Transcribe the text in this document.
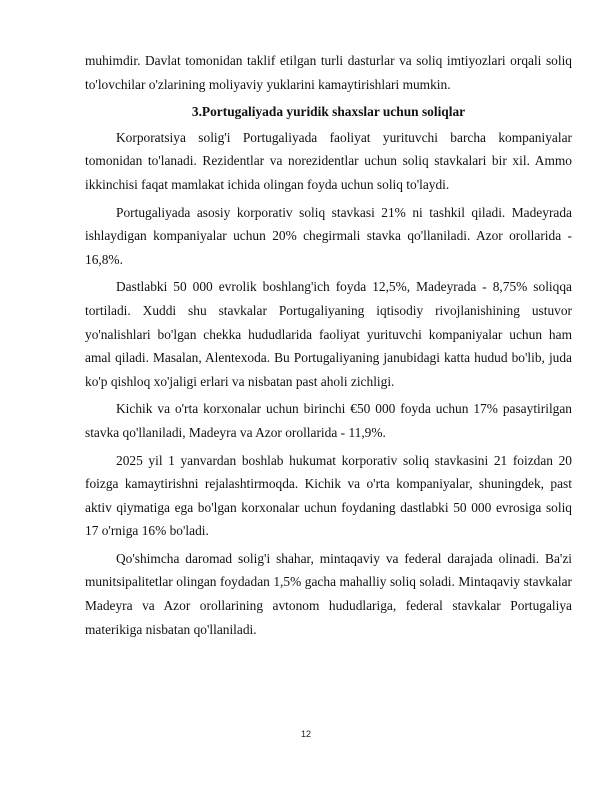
muhimdir. Davlat tomonidan taklif etilgan turli dasturlar va soliq imtiyozlari orqali soliq to'lovchilar o'zlarining moliyaviy yuklarini kamaytirishlari mumkin.

3.Portugaliyada yuridik shaxslar uchun soliqlar

Korporatsiya solig'i Portugaliyada faoliyat yurituvchi barcha kompaniyalar tomonidan to'lanadi. Rezidentlar va norezidentlar uchun soliq stavkalari bir xil. Ammo ikkinchisi faqat mamlakat ichida olingan foyda uchun soliq to'laydi.

Portugaliyada asosiy korporativ soliq stavkasi 21% ni tashkil qiladi. Madeyrada ishlaydigan kompaniyalar uchun 20% chegirmali stavka qo'llaniladi. Azor orollarida - 16,8%.

Dastlabki 50 000 evrolik boshlang'ich foyda 12,5%, Madeyrada - 8,75% soliqqa tortiladi. Xuddi shu stavkalar Portugaliyaning iqtisodiy rivojlanishining ustuvor yo'nalishlari bo'lgan chekka hududlarida faoliyat yurituvchi kompaniyalar uchun ham amal qiladi. Masalan, Alentexoda. Bu Portugaliyaning janubidagi katta hudud bo'lib, juda ko'p qishloq xo'jaligi erlari va nisbatan past aholi zichligi.

Kichik va o'rta korxonalar uchun birinchi €50 000 foyda uchun 17% pasaytirilgan stavka qo'llaniladi, Madeyra va Azor orollarida - 11,9%.

2025 yil 1 yanvardan boshlab hukumat korporativ soliq stavkasini 21 foizdan 20 foizga kamaytirishni rejalashtirmoqda. Kichik va o'rta kompaniyalar, shuningdek, past aktiv qiymatiga ega bo'lgan korxonalar uchun foydaning dastlabki 50 000 evrosiga soliq 17 o'rniga 16% bo'ladi.

Qo'shimcha daromad solig'i shahar, mintaqaviy va federal darajada olinadi. Ba'zi munitsipalitetlar olingan foydadan 1,5% gacha mahalliy soliq soladi. Mintaqaviy stavkalar Madeyra va Azor orollarining avtonom hududlariga, federal stavkalar Portugaliya materikiga nisbatan qo'llaniladi.

12
